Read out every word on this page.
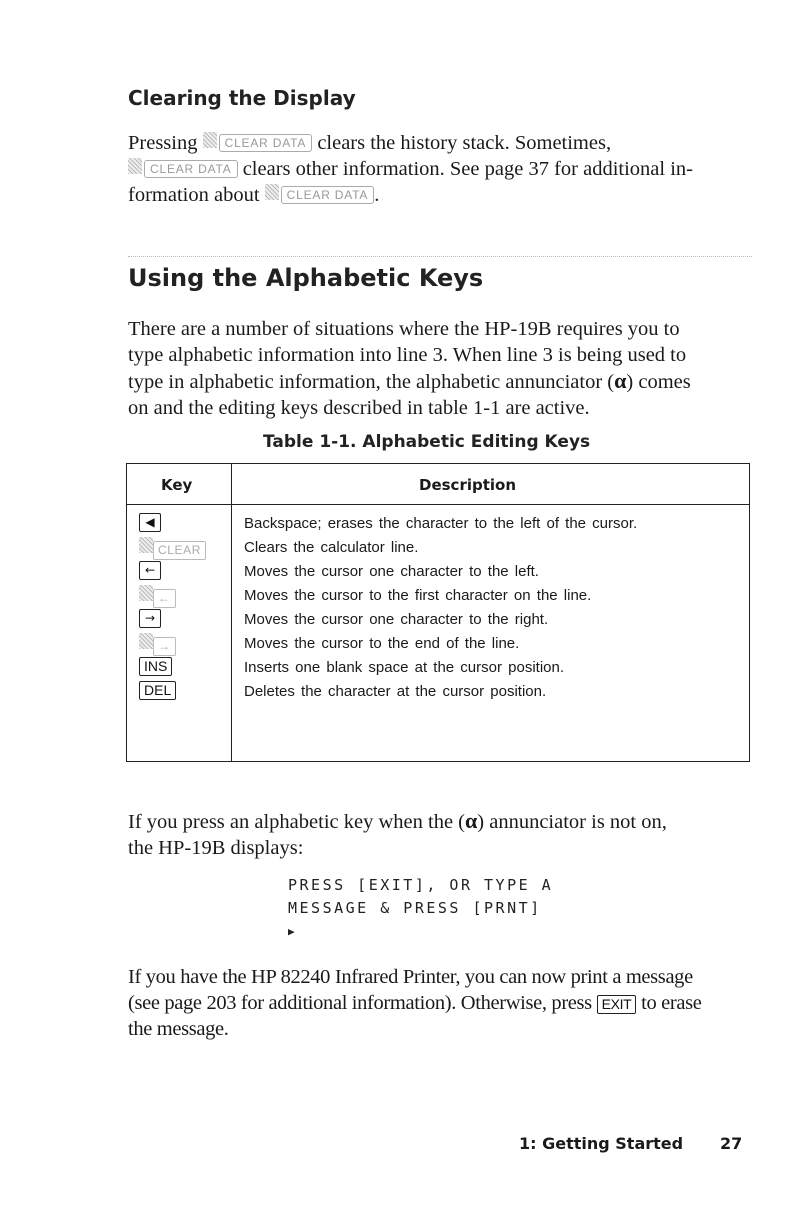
Clearing the Display
Pressing CLEAR DATA clears the history stack. Sometimes,
CLEAR DATA clears other information. See page 37 for additional in-
formation about CLEAR DATA .
Using the Alphabetic Keys
There are a number of situations where the HP-19B requires you to
type alphabetic information into line 3. When line 3 is being used to
type in alphabetic information, the alphabetic annunciator (α) comes
on and the editing keys described in table 1-1 are active.
Table 1-1. Alphabetic Editing Keys
Key	Description
◀
CLEAR
←
←
→
→
INS
DEL
Backspace; erases the character to the left of the cursor.
Clears the calculator line.
Moves the cursor one character to the left.
Moves the cursor to the first character on the line.
Moves the cursor one character to the right.
Moves the cursor to the end of the line.
Inserts one blank space at the cursor position.
Deletes the character at the cursor position.
If you press an alphabetic key when the (α) annunciator is not on,
the HP-19B displays:
PRESS [EXIT], OR TYPE A
MESSAGE & PRESS [PRNT]
▶
If you have the HP 82240 Infrared Printer, you can now print a message
(see page 203 for additional information). Otherwise, press EXIT to erase
the message.
1: Getting Started 27
